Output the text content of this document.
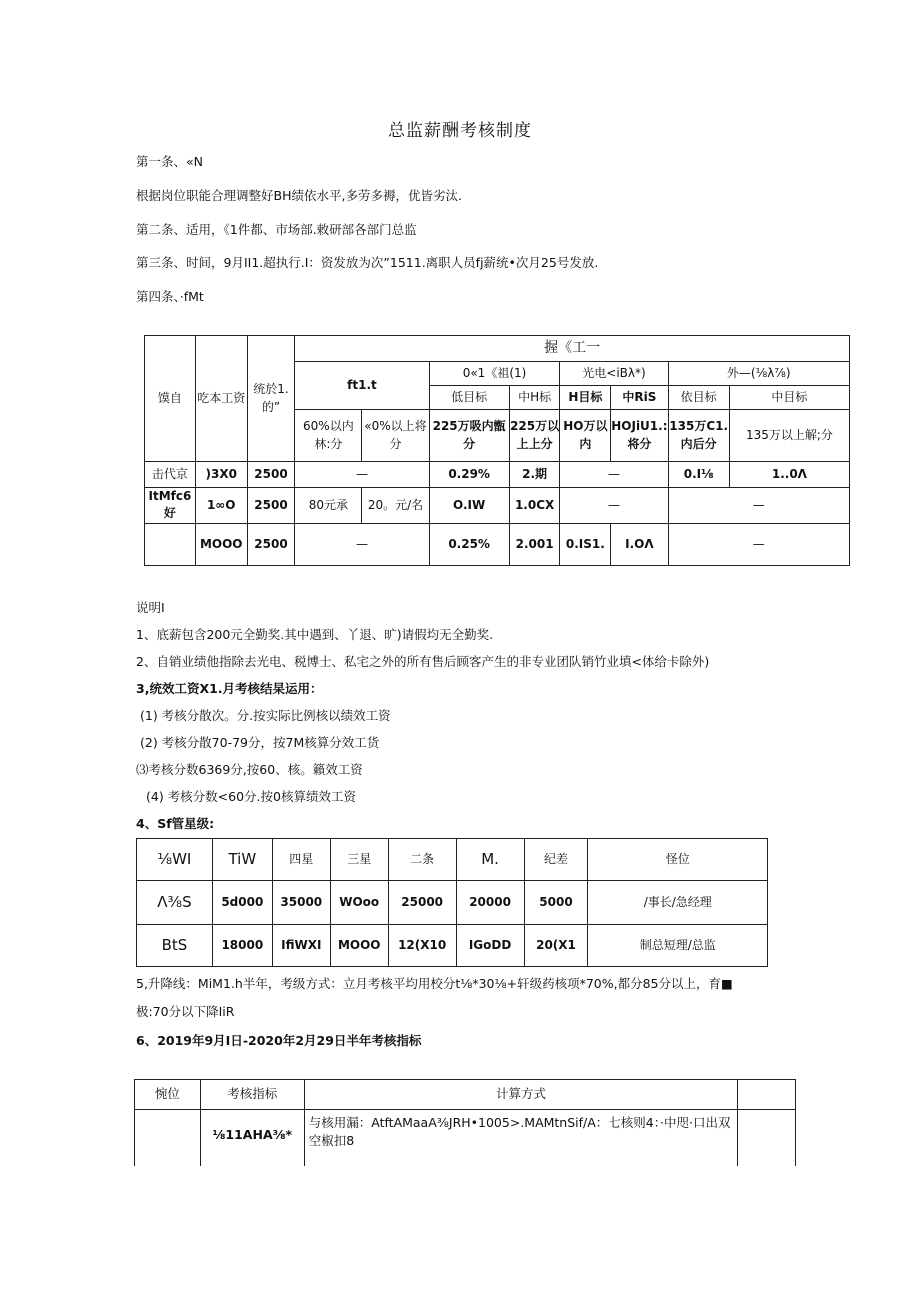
总监薪酬考核制度
第一条、«N
根据岗位职能合理调整好BH绩依水平,多劳多褥，优皆劣汰.
第二条、适用，《1件都、市场部.敕研部各部门总监
第三条、时间，9月II1.超执行.I：资发放为次”1511.离职人员fj薪统•次月25号发放.
第四条、·fMt
馍自	吃本工资	统於1.的”	握《工一							
			ft1.t		0«1《祖(1)		光电<iBλ*)		外—(⅛λ⅞)	
					低目标	中H标	H目标	中RiS	依目标	中目标
			60%以内林:分	«0%以上将分	225万吸内甑分	225万以上上分	HO万以内	HOJiU1.:将分	135万C1.内后分	135万以上解;分
击代京	)3X0	2500	—		0.29%	2.期	—		0.I⅛	1..0Λ
ItMfc6好	1∞O	2500	80元承	20。元/名	O.IW	1.0CX	—		—	
	MOOO	2500	—		0.25%	2.001	0.IS1.	I.OΛ	—	
说明I
1、底薪包含200元全勤奖.其中遇到、丫退、旷)请假均无全勤奖.
2、自销业绩他指除去光电、税博士、私宅之外的所有售后顾客产生的非专业团队销竹业填<体给卡除外)
3,统效工资X1.月考核结杲运用：
(1) 考核分散次。分.按实际比例核以绩效工资
(2) 考核分散70-79分，按7M核算分效工货
⑶考核分数6369分,按60、核。籟效工资
(4) 考核分数<60分.按0核算绩效工资
4、Sf管星级:
⅛WI	TiW	四星	三星	二条	M.	纪差	怪位
Λ⅜S	5d000	35000	WOoo	25000	20000	5000	/事长/急经理
BtS	18000	IfiWXI	MOOO	12(X10	IGoDD	20(X1	制总短理/总监
5,升降线：MiM1.h半年，考级方式：立月考核平均用校分t⅛*30⅛+轩级药核项*70%,都分85分以上，育■
极:70分以下降IiR
6、2019年9月I日-2020年2月29日半年考核指标
惋位	考核指标	计算方式	
	⅛11AHA⅜*	与核用漏：AtftAMaaA⅜JRH•1005>.MAMtnSif/A：七核则4：·中咫·口出双空椒扣8	
